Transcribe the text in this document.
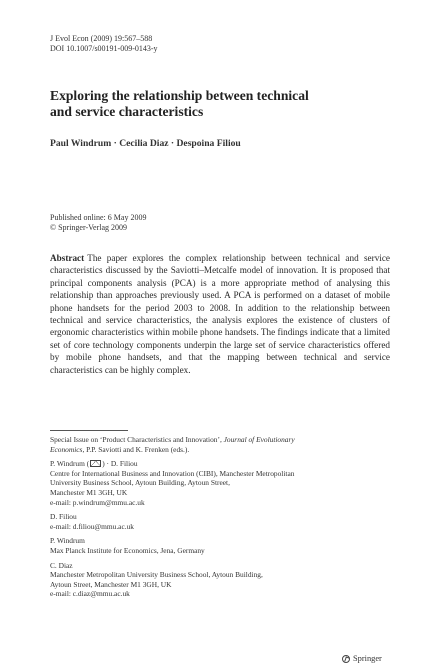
J Evol Econ (2009) 19:567–588
DOI 10.1007/s00191-009-0143-y
Exploring the relationship between technical
and service characteristics
Paul Windrum · Cecilia Diaz · Despoina Filiou
Published online: 6 May 2009
© Springer-Verlag 2009
Abstract The paper explores the complex relationship between technical and service characteristics discussed by the Saviotti–Metcalfe model of innovation. It is proposed that principal components analysis (PCA) is a more appropriate method of analysing this relationship than approaches previously used. A PCA is performed on a dataset of mobile phone handsets for the period 2003 to 2008. In addition to the relationship between technical and service characteristics, the analysis explores the existence of clusters of ergonomic characteristics within mobile phone handsets. The findings indicate that a limited set of core technology components underpin the large set of service characteristics offered by mobile phone handsets, and that the mapping between technical and service characteristics can be highly complex.
Special Issue on ‘Product Characteristics and Innovation’, Journal of Evolutionary
Economics, P.P. Saviotti and K. Frenken (eds.).
P. Windrum ( ) · D. Filiou
Centre for International Business and Innovation (CIBI), Manchester Metropolitan
University Business School, Aytoun Building, Aytoun Street,
Manchester M1 3GH, UK
e-mail: p.windrum@mmu.ac.uk
D. Filiou
e-mail: d.filiou@mmu.ac.uk
P. Windrum
Max Planck Institute for Economics, Jena, Germany
C. Diaz
Manchester Metropolitan University Business School, Aytoun Building,
Aytoun Street, Manchester M1 3GH, UK
e-mail: c.diaz@mmu.ac.uk
Springer
